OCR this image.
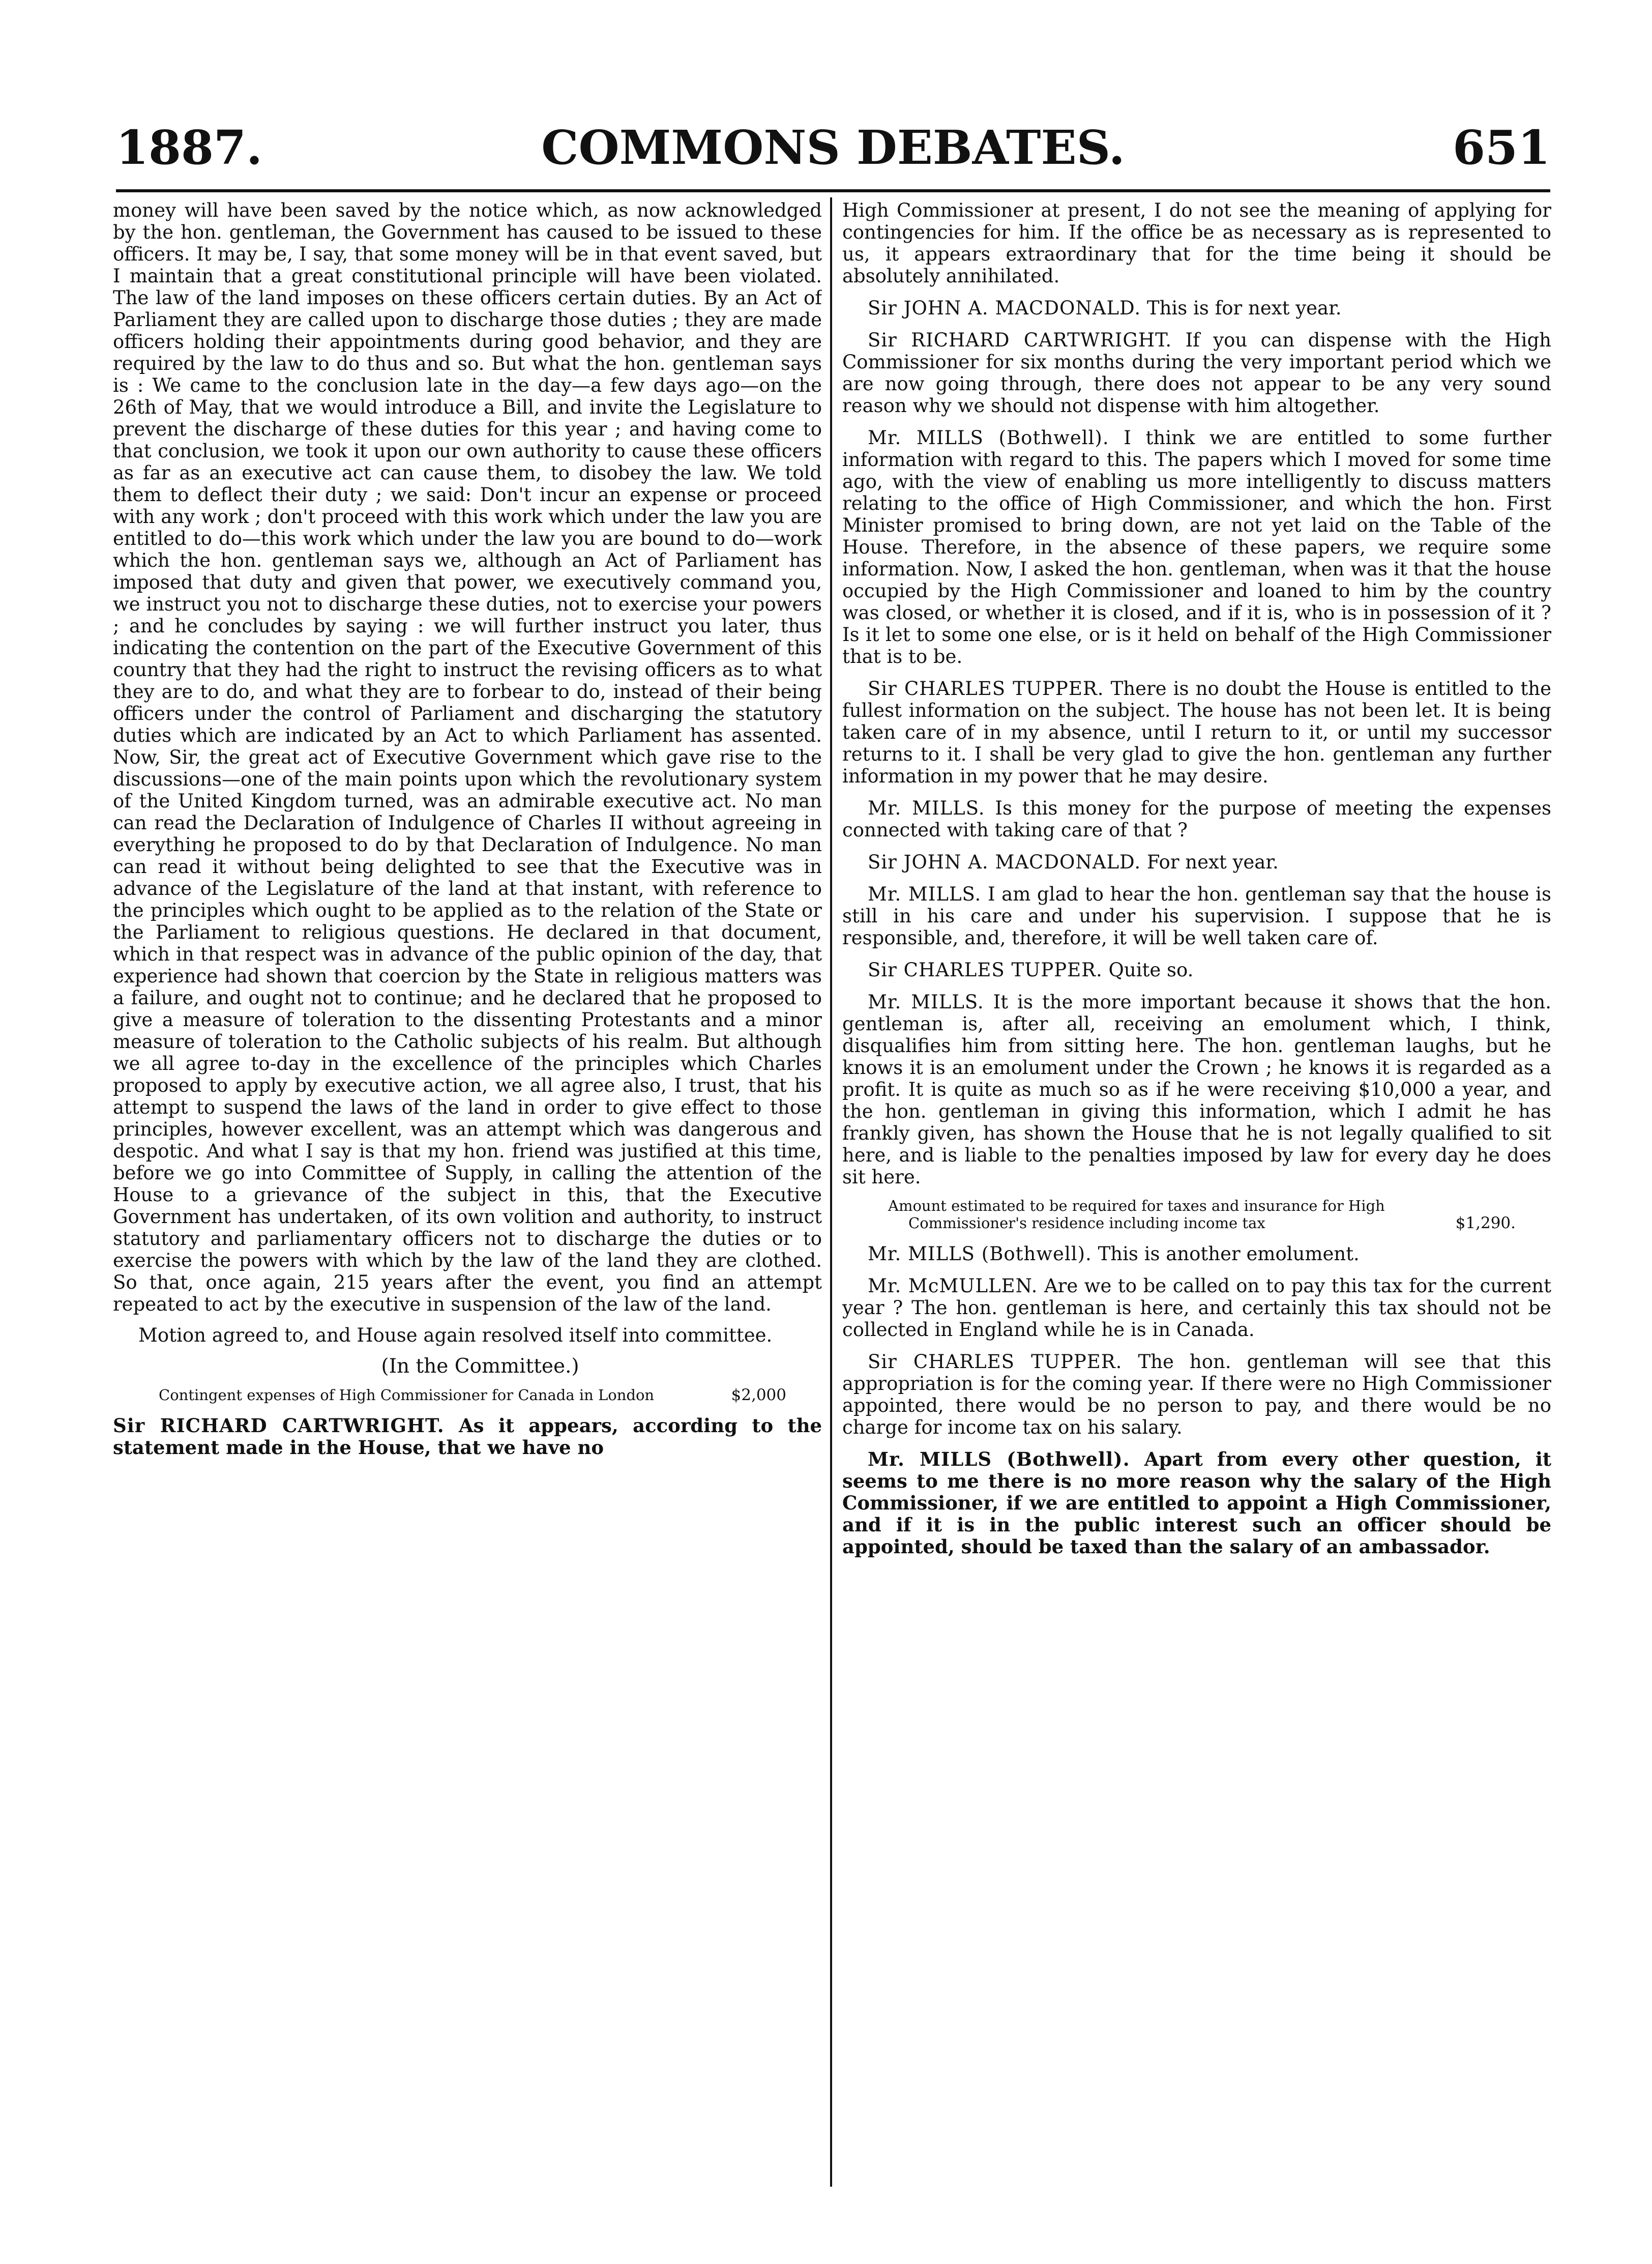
1887.	COMMONS DEBATES.	651

money will have been saved by the notice which, as now acknowledged by the hon. gentleman, the Government has caused to be issued to these officers. It may be, I say, that some money will be in that event saved, but I maintain that a great constitutional principle will have been violated. The law of the land imposes on these officers certain duties. By an Act of Parliament they are called upon to discharge those duties ; they are made officers holding their appointments during good behavior, and they are required by the law to do thus and so. But what the hon. gentleman says is : We came to the conclusion late in the day—a few days ago—on the 26th of May, that we would introduce a Bill, and invite the Legislature to prevent the discharge of these duties for this year ; and having come to that conclusion, we took it upon our own authority to cause these officers as far as an executive act can cause them, to disobey the law. We told them to deflect their duty ; we said: Don't incur an expense or proceed with any work ; don't proceed with this work which under the law you are entitled to do—this work which under the law you are bound to do—work which the hon. gentleman says we, although an Act of Parliament has imposed that duty and given that power, we executively command you, we instruct you not to discharge these duties, not to exercise your powers ; and he concludes by saying : we will further instruct you later, thus indicating the contention on the part of the Executive Government of this country that they had the right to instruct the revising officers as to what they are to do, and what they are to forbear to do, instead of their being officers under the control of Parliament and discharging the statutory duties which are indicated by an Act to which Parliament has assented. Now, Sir, the great act of Executive Government which gave rise to the discussions—one of the main points upon which the revolutionary system of the United Kingdom turned, was an admirable executive act. No man can read the Declaration of Indulgence of Charles II without agreeing in everything he proposed to do by that Declaration of Indulgence. No man can read it without being delighted to see that the Executive was in advance of the Legislature of the land at that instant, with reference to the principles which ought to be applied as to the relation of the State or the Parliament to religious questions. He declared in that document, which in that respect was in advance of the public opinion of the day, that experience had shown that coercion by the State in religious matters was a failure, and ought not to continue; and he declared that he proposed to give a measure of toleration to the dissenting Protestants and a minor measure of toleration to the Catholic subjects of his realm. But although we all agree to-day in the excellence of the principles which Charles proposed to apply by executive action, we all agree also, I trust, that his attempt to suspend the laws of the land in order to give effect to those principles, however excellent, was an attempt which was dangerous and despotic. And what I say is that my hon. friend was justified at this time, before we go into Committee of Supply, in calling the attention of the House to a grievance of the subject in this, that the Executive Government has undertaken, of its own volition and authority, to instruct statutory and parliamentary officers not to discharge the duties or to exercise the powers with which by the law of the land they are clothed. So that, once again, 215 years after the event, you find an attempt repeated to act by the executive in suspension of the law of the land.

Motion agreed to, and House again resolved itself into committee.

(In the Committee.)

Contingent expenses of High Commissioner for Canada in London	$2,000

Sir RICHARD CARTWRIGHT. As it appears, according to the statement made in the House, that we have no

High Commissioner at present, I do not see the meaning of applying for contingencies for him. If the office be as necessary as is represented to us, it appears extraordinary that for the time being it should be absolutely annihilated.

Sir JOHN A. MACDONALD. This is for next year.

Sir RICHARD CARTWRIGHT. If you can dispense with the High Commissioner for six months during the very important period which we are now going through, there does not appear to be any very sound reason why we should not dispense with him altogether.

Mr. MILLS (Bothwell). I think we are entitled to some further information with regard to this. The papers which I moved for some time ago, with the view of enabling us more intelligently to discuss matters relating to the office of High Commissioner, and which the hon. First Minister promised to bring down, are not yet laid on the Table of the House. Therefore, in the absence of these papers, we require some information. Now, I asked the hon. gentleman, when was it that the house occupied by the High Commissioner and loaned to him by the country was closed, or whether it is closed, and if it is, who is in possession of it ? Is it let to some one else, or is it held on behalf of the High Commissioner that is to be.

Sir CHARLES TUPPER. There is no doubt the House is entitled to the fullest information on the subject. The house has not been let. It is being taken care of in my absence, until I return to it, or until my successor returns to it. I shall be very glad to give the hon. gentleman any further information in my power that he may desire.

Mr. MILLS. Is this money for the purpose of meeting the expenses connected with taking care of that ?

Sir JOHN A. MACDONALD. For next year.

Mr. MILLS. I am glad to hear the hon. gentleman say that the house is still in his care and under his supervision. I suppose that he is responsible, and, therefore, it will be well taken care of.

Sir CHARLES TUPPER. Quite so.

Mr. MILLS. It is the more important because it shows that the hon. gentleman is, after all, receiving an emolument which, I think, disqualifies him from sitting here. The hon. gentleman laughs, but he knows it is an emolument under the Crown ; he knows it is regarded as a profit. It is quite as much so as if he were receiving $10,000 a year, and the hon. gentleman in giving this information, which I admit he has frankly given, has shown the House that he is not legally qualified to sit here, and is liable to the penalties imposed by law for every day he does sit here.

Amount estimated to be required for taxes and insurance for High Commissioner's residence including income tax	$1,290.

Mr. MILLS (Bothwell). This is another emolument.

Mr. McMULLEN. Are we to be called on to pay this tax for the current year ? The hon. gentleman is here, and certainly this tax should not be collected in England while he is in Canada.

Sir CHARLES TUPPER. The hon. gentleman will see that this appropriation is for the coming year. If there were no High Commissioner appointed, there would be no person to pay, and there would be no charge for income tax on his salary.

Mr. MILLS (Bothwell). Apart from every other question, it seems to me there is no more reason why the salary of the High Commissioner, if we are entitled to appoint a High Commissioner, and if it is in the public interest such an officer should be appointed, should be taxed than the salary of an ambassador.
